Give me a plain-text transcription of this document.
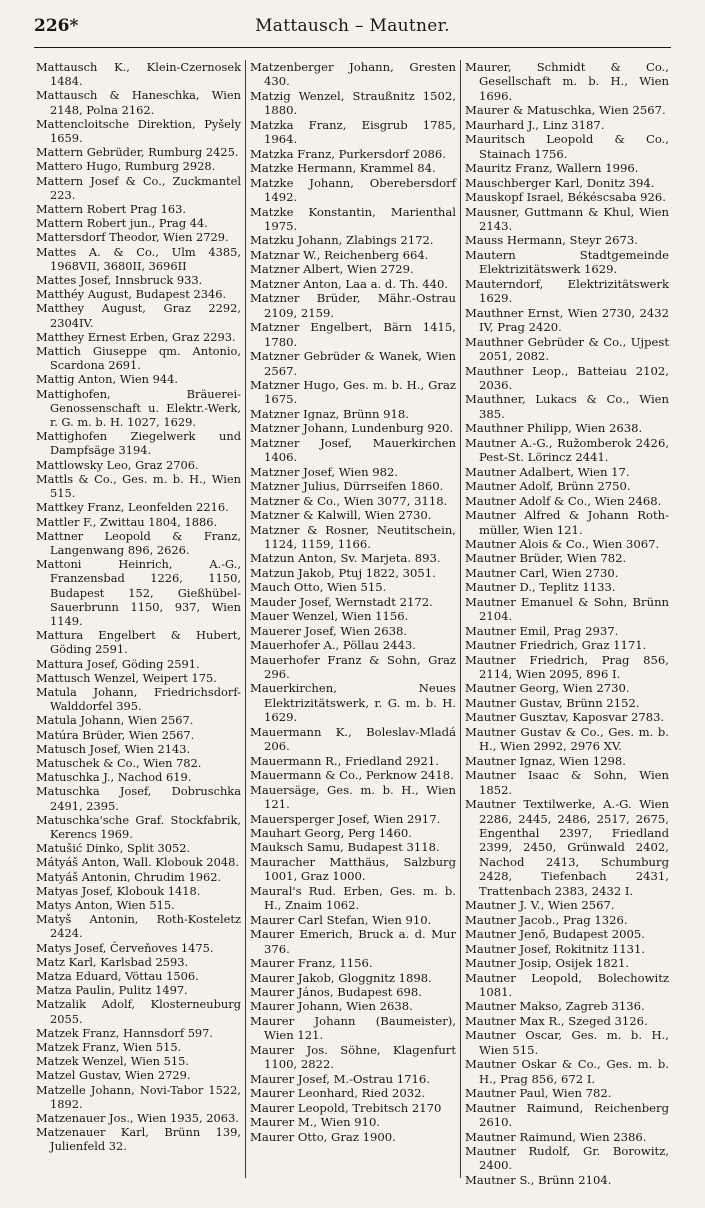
226*	Mattausch – Mautner.
Mattausch K., Klein-Czernosek 1484.
Mattausch & Haneschka, Wien 2148, Polna 2162.
Mattencloitsche Direktion, Pyšely 1659.
Mattern Gebrüder, Rumburg 2425.
Mattero Hugo, Rumburg 2928.
Mattern Josef & Co., Zuckmantel 223.
Mattern Robert Prag 163.
Mattern Robert jun., Prag 44.
Mattersdorf Theodor, Wien 2729.
Mattes A. & Co., Ulm 4385, 1968VII, 3680II, 3696II
Mattes Josef, Innsbruck 933.
Matthéy August, Budapest 2346.
Matthey August, Graz 2292, 2304IV.
Matthey Ernest Erben, Graz 2293.
Mattich Giuseppe qm. Antonio, Scardona 2691.
Mattig Anton, Wien 944.
Mattighofen, Bräuerei-Genossenschaft u. Elektr.-Werk, r. G. m. b. H. 1027, 1629.
Mattighofen Ziegelwerk und Dampfsäge 3194.
Mattlowsky Leo, Graz 2706.
Mattls & Co., Ges. m. b. H., Wien 515.
Mattkey Franz, Leonfelden 2216.
Mattler F., Zwittau 1804, 1886.
Mattner Leopold & Franz, Langenwang 896, 2626.
Mattoni Heinrich, A.-G., Franzensbad 1226, 1150, Budapest 152, Gießhübel-Sauerbrunn 1150, 937, Wien 1149.
Mattura Engelbert & Hubert, Göding 2591.
Mattura Josef, Göding 2591.
Mattusch Wenzel, Weipert 175.
Matula Johann, Friedrichsdorf-Walddorfel 395.
Matula Johann, Wien 2567.
Matúra Brüder, Wien 2567.
Matusch Josef, Wien 2143.
Matuschek & Co., Wien 782.
Matuschka J., Nachod 619.
Matuschka Josef, Dobruschka 2491, 2395.
Matuschka'sche Graf. Stockfabrik, Kerencs 1969.
Matušić Dinko, Split 3052.
Mátyáš Anton, Wall. Klobouk 2048.
Matyáš Antonin, Chrudim 1962.
Matyas Josef, Klobouk 1418.
Matys Anton, Wien 515.
Matyš Antonin, Roth-Kosteletz 2424.
Matys Josef, Červeňoves 1475.
Matz Karl, Karlsbad 2593.
Matza Eduard, Vöttau 1506.
Matza Paulin, Pulitz 1497.
Matzalik Adolf, Klosterneuburg 2055.
Matzek Franz, Hannsdorf 597.
Matzek Franz, Wien 515.
Matzek Wenzel, Wien 515.
Matzel Gustav, Wien 2729.
Matzelle Johann, Novi-Tabor 1522, 1892.
Matzenauer Jos., Wien 1935, 2063.
Matzenauer Karl, Brünn 139, Julienfeld 32.
Matzenberger Johann, Gresten 430.
Matzig Wenzel, Straußnitz 1502, 1880.
Matzka Franz, Eisgrub 1785, 1964.
Matzka Franz, Purkersdorf 2086.
Matzke Hermann, Krammel 84.
Matzke Johann, Oberebersdorf 1492.
Matzke Konstantin, Marienthal 1975.
Matzku Johann, Zlabings 2172.
Matznar W., Reichenberg 664.
Matzner Albert, Wien 2729.
Matzner Anton, Laa a. d. Th. 440.
Matzner Brüder, Mähr.-Ostrau 2109, 2159.
Matzner Engelbert, Bärn 1415, 1780.
Matzner Gebrüder & Wanek, Wien 2567.
Matzner Hugo, Ges. m. b. H., Graz 1675.
Matzner Ignaz, Brünn 918.
Matzner Johann, Lundenburg 920.
Matzner Josef, Mauerkirchen 1406.
Matzner Josef, Wien 982.
Matzner Julius, Dürrseifen 1860.
Matzner & Co., Wien 3077, 3118.
Matzner & Kalwill, Wien 2730.
Matzner & Rosner, Neutitschein, 1124, 1159, 1166.
Matzun Anton, Sv. Marjeta. 893.
Matzun Jakob, Ptuj 1822, 3051.
Mauch Otto, Wien 515.
Mauder Josef, Wernstadt 2172.
Mauer Wenzel, Wien 1156.
Mauerer Josef, Wien 2638.
Mauerhofer A., Pöllau 2443.
Mauerhofer Franz & Sohn, Graz 296.
Mauerkirchen, Neues Elektrizitätswerk, r. G. m. b. H. 1629.
Mauermann K., Boleslav-Mladá 206.
Mauermann R., Friedland 2921.
Mauermann & Co., Perknow 2418.
Mauersäge, Ges. m. b. H., Wien 121.
Mauersperger Josef, Wien 2917.
Mauhart Georg, Perg 1460.
Mauksch Samu, Budapest 3118.
Mauracher Matthäus, Salzburg 1001, Graz 1000.
Maural's Rud. Erben, Ges. m. b. H., Znaim 1062.
Maurer Carl Stefan, Wien 910.
Maurer Emerich, Bruck a. d. Mur 376.
Maurer Franz, 1156.
Maurer Jakob, Gloggnitz 1898.
Maurer János, Budapest 698.
Maurer Johann, Wien 2638.
Maurer Johann (Baumeister), Wien 121.
Maurer Jos. Söhne, Klagenfurt 1100, 2822.
Maurer Josef, M.-Ostrau 1716.
Maurer Leonhard, Ried 2032.
Maurer Leopold, Trebitsch 2170
Maurer M., Wien 910.
Maurer Otto, Graz 1900.
Maurer, Schmidt & Co., Gesellschaft m. b. H., Wien 1696.
Maurer & Matuschka, Wien 2567.
Maurhard J., Linz 3187.
Mauritsch Leopold & Co., Stainach 1756.
Mauritz Franz, Wallern 1996.
Mauschberger Karl, Donitz 394.
Mauskopf Israel, Békéscsaba 926.
Mausner, Guttmann & Khul, Wien 2143.
Mauss Hermann, Steyr 2673.
Mautern Stadtgemeinde Elektrizitätswerk 1629.
Mauterndorf, Elektrizitätswerk 1629.
Mauthner Ernst, Wien 2730, 2432 IV, Prag 2420.
Mauthner Gebrüder & Co., Ujpest 2051, 2082.
Mauthner Leop., Batteiau 2102, 2036.
Mauthner, Lukacs & Co., Wien 385.
Mauthner Philipp, Wien 2638.
Mautner A.-G., Ružomberok 2426, Pest-St. Lörincz 2441.
Mautner Adalbert, Wien 17.
Mautner Adolf, Brünn 2750.
Mautner Adolf & Co., Wien 2468.
Mautner Alfred & Johann Roth-müller, Wien 121.
Mautner Alois & Co., Wien 3067.
Mautner Brüder, Wien 782.
Mautner Carl, Wien 2730.
Mautner D., Teplitz 1133.
Mautner Emanuel & Sohn, Brünn 2104.
Mautner Emil, Prag 2937.
Mautner Friedrich, Graz 1171.
Mautner Friedrich, Prag 856, 2114, Wien 2095, 896 I.
Mautner Georg, Wien 2730.
Mautner Gustav, Brünn 2152.
Mautner Gusztav, Kaposvar 2783.
Mautner Gustav & Co., Ges. m. b. H., Wien 2992, 2976 XV.
Mautner Ignaz, Wien 1298.
Mautner Isaac & Sohn, Wien 1852.
Mautner Textilwerke, A.-G. Wien 2286, 2445, 2486, 2517, 2675, Engenthal 2397, Friedland 2399, 2450, Grünwald 2402, Nachod 2413, Schumburg 2428, Tiefenbach 2431, Trattenbach 2383, 2432 I.
Mautner J. V., Wien 2567.
Mautner Jacob., Prag 1326.
Mautner Jenő, Budapest 2005.
Mautner Josef, Rokitnitz 1131.
Mautner Josip, Osijek 1821.
Mautner Leopold, Bolechowitz 1081.
Mautner Makso, Zagreb 3136.
Mautner Max R., Szeged 3126.
Mautner Oscar, Ges. m. b. H., Wien 515.
Mautner Oskar & Co., Ges. m. b. H., Prag 856, 672 I.
Mautner Paul, Wien 782.
Mautner Raimund, Reichenberg 2610.
Mautner Raimund, Wien 2386.
Mautner Rudolf, Gr. Borowitz, 2400.
Mautner S., Brünn 2104.
